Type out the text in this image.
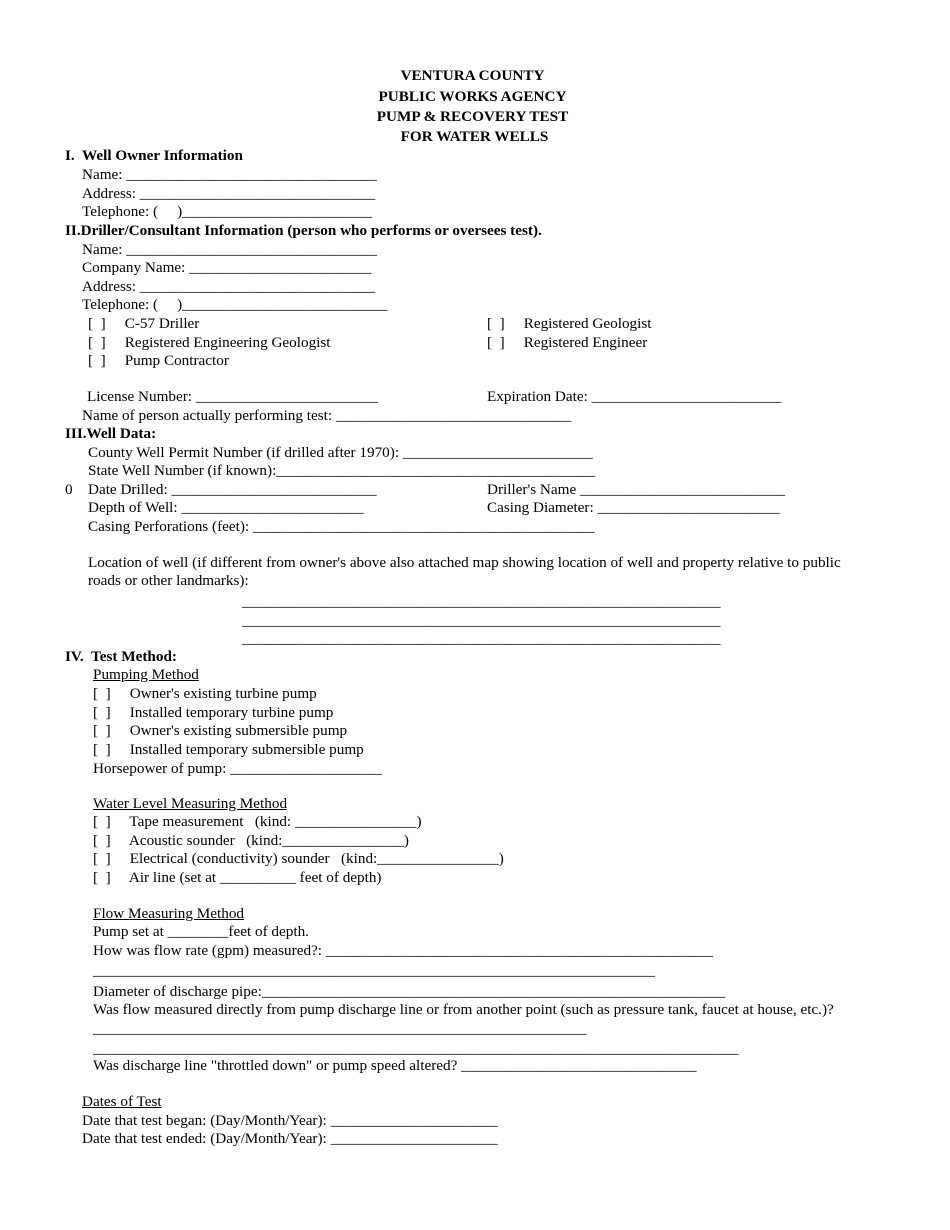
VENTURA COUNTY
PUBLIC WORKS AGENCY
PUMP & RECOVERY TEST
FOR WATER WELLS
I.  Well Owner Information
Name: _________________________________
Address: _______________________________
Telephone: (     )_________________________
II.Driller/Consultant Information (person who performs or oversees test).
Name: _________________________________
Company Name: ________________________
Address: _______________________________
Telephone: (     )___________________________
[  ]     C-57 Driller	[  ]     Registered Geologist
[  ]     Registered Engineering Geologist	[  ]     Registered Engineer
[  ]     Pump Contractor
License Number: ________________________	Expiration Date: _________________________
Name of person actually performing test: _______________________________
III.Well Data:
County Well Permit Number (if drilled after 1970): _________________________
State Well Number (if known):__________________________________________
0 Date Drilled: ___________________________	Driller's Name ___________________________
Depth of Well: ________________________	Casing Diameter: ________________________
Casing Perforations (feet): _____________________________________________
Location of well (if different from owner's above also attached map showing location of well and property relative to public
roads or other landmarks):
_______________________________________________________________
_______________________________________________________________
_______________________________________________________________
IV.  Test Method:
Pumping Method
[  ]     Owner's existing turbine pump
[  ]     Installed temporary turbine pump
[  ]     Owner's existing submersible pump
[  ]     Installed temporary submersible pump
Horsepower of pump: ____________________
Water Level Measuring Method
[  ]     Tape measurement   (kind: ________________)
[  ]     Acoustic sounder   (kind:________________)
[  ]     Electrical (conductivity) sounder   (kind:________________)
[  ]     Air line (set at __________ feet of depth)
Flow Measuring Method
Pump set at ________feet of depth.
How was flow rate (gpm) measured?: ___________________________________________________
__________________________________________________________________________
Diameter of discharge pipe:_____________________________________________________________
Was flow measured directly from pump discharge line or from another point (such as pressure tank, faucet at house, etc.)?
_________________________________________________________________
_____________________________________________________________________________________
Was discharge line "throttled down" or pump speed altered? _______________________________
Dates of Test
Date that test began: (Day/Month/Year): ______________________
Date that test ended: (Day/Month/Year): ______________________
